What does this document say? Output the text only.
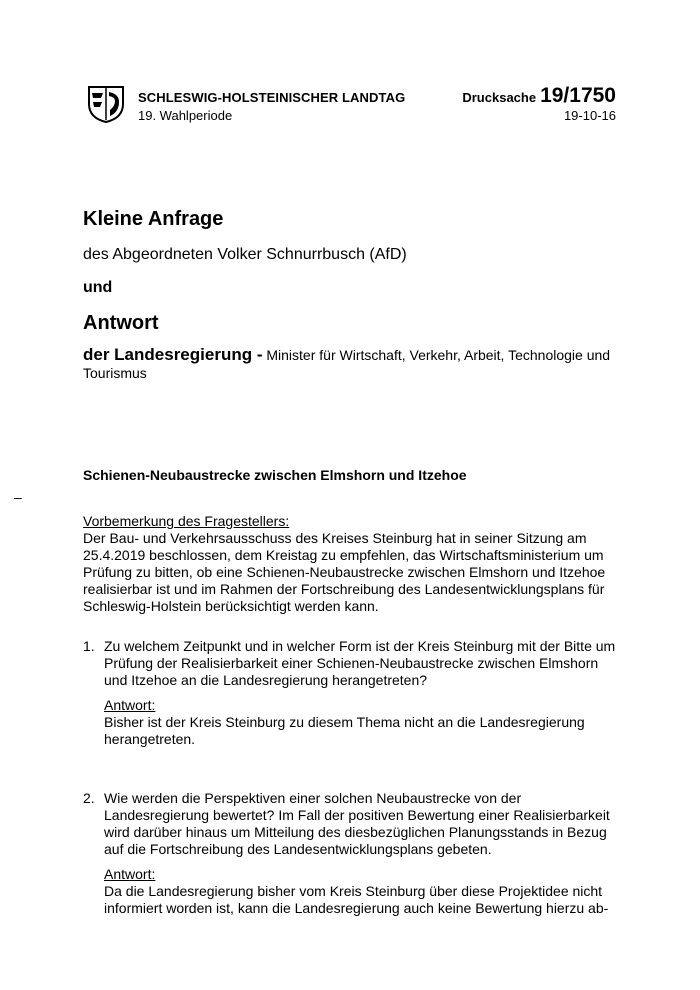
SCHLESWIG-HOLSTEINISCHER LANDTAG
19. Wahlperiode
Drucksache 19/1750
19-10-16
Kleine Anfrage
des Abgeordneten Volker Schnurrbusch (AfD)
und
Antwort
der Landesregierung - Minister für Wirtschaft, Verkehr, Arbeit, Technologie und Tourismus
Schienen-Neubaustrecke zwischen Elmshorn und Itzehoe
–
Vorbemerkung des Fragestellers:
Der Bau- und Verkehrsausschuss des Kreises Steinburg hat in seiner Sitzung am 25.4.2019 beschlossen, dem Kreistag zu empfehlen, das Wirtschaftsministerium um Prüfung zu bitten, ob eine Schienen-Neubaustrecke zwischen Elmshorn und Itzehoe realisierbar ist und im Rahmen der Fortschreibung des Landesentwicklungsplans für Schleswig-Holstein berücksichtigt werden kann.
1. Zu welchem Zeitpunkt und in welcher Form ist der Kreis Steinburg mit der Bitte um Prüfung der Realisierbarkeit einer Schienen-Neubaustrecke zwischen Elmshorn und Itzehoe an die Landesregierung herangetreten?
Antwort:
Bisher ist der Kreis Steinburg zu diesem Thema nicht an die Landesregierung herangetreten.
2. Wie werden die Perspektiven einer solchen Neubaustrecke von der Landesregierung bewertet? Im Fall der positiven Bewertung einer Realisierbarkeit wird darüber hinaus um Mitteilung des diesbezüglichen Planungsstands in Bezug auf die Fortschreibung des Landesentwicklungsplans gebeten.
Antwort:
Da die Landesregierung bisher vom Kreis Steinburg über diese Projektidee nicht informiert worden ist, kann die Landesregierung auch keine Bewertung hierzu ab-
